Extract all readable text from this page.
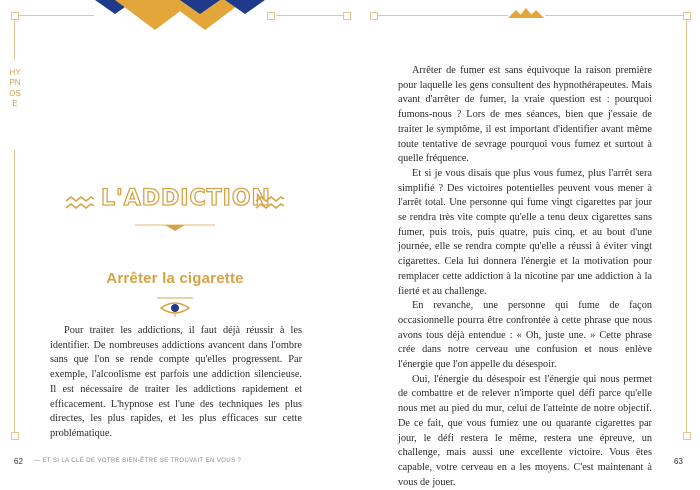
HYPNOSE
L'ADDICTION
Arrêter la cigarette

Pour traiter les addictions, il faut déjà réussir à les identifier. De nombreuses addictions avancent dans l'ombre sans que l'on se rende compte qu'elles progressent. Par exemple, l'alcoolisme est parfois une addiction silencieuse. Il est nécessaire de traiter les addictions rapidement et efficacement. L'hypnose est l'une des techniques les plus directes, les plus rapides, et les plus efficaces sur cette problématique.

Arrêter de fumer est sans équivoque la raison première pour laquelle les gens consultent des hypnothérapeutes. Mais avant d'arrêter de fumer, la vraie question est : pourquoi fumons-nous ? Lors de mes séances, bien que j'essaie de traiter le symptôme, il est important d'identifier avant même toute tentative de sevrage pourquoi vous fumez et surtout à quelle fréquence.

Et si je vous disais que plus vous fumez, plus l'arrêt sera simplifié ? Des victoires potentielles peuvent vous mener à l'arrêt total. Une personne qui fume vingt cigarettes par jour se rendra très vite compte qu'elle a tenu deux cigarettes sans fumer, puis trois, puis quatre, puis cinq, et au bout d'une journée, elle se rendra compte qu'elle a réussi à éviter vingt cigarettes. Cela lui donnera l'énergie et la motivation pour remplacer cette addiction à la nicotine par une addiction à la fierté et au challenge.

En revanche, une personne qui fume de façon occasionnelle pourra être confrontée à cette phrase que nous avons tous déjà entendue : « Oh, juste une. » Cette phrase crée dans notre cerveau une confusion et nous enlève l'énergie que l'on appelle du désespoir.

Oui, l'énergie du désespoir est l'énergie qui nous permet de combattre et de relever n'importe quel défi parce qu'elle nous met au pied du mur, celui de l'atteinte de notre objectif. De ce fait, que vous fumiez une ou quarante cigarettes par jour, le défi restera le même, restera une épreuve, un challenge, mais aussi une excellente victoire. Vous êtes capable, votre cerveau en a les moyens. C'est maintenant à vous de jouer.

62 — ET SI LA CLÉ DE VOTRE BIEN-ÊTRE SE TROUVAIT EN VOUS ?	63
